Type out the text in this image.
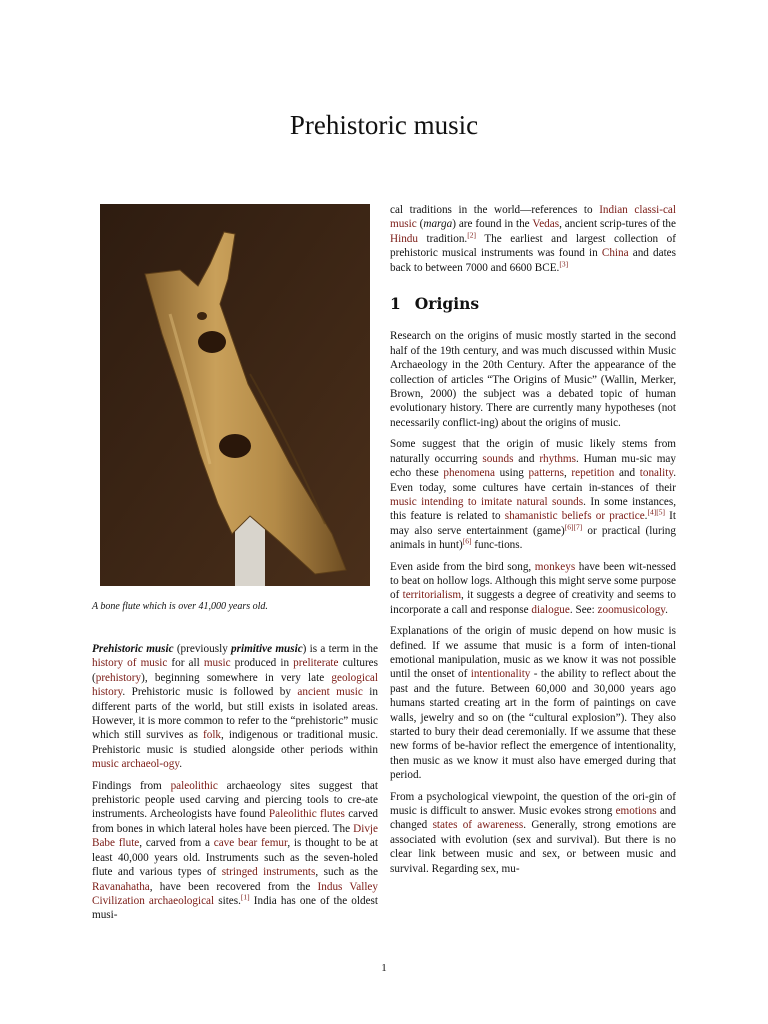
Prehistoric music
A bone flute which is over 41,000 years old.

Prehistoric music (previously primitive music) is a term in the history of music for all music produced in preliterate cultures (prehistory), beginning somewhere in very late geological history. Prehistoric music is followed by ancient music in different parts of the world, but still exists in isolated areas. However, it is more common to refer to the “prehistoric” music which still survives as folk, indigenous or traditional music. Prehistoric music is studied alongside other periods within music archaeol-ogy.

Findings from paleolithic archaeology sites suggest that prehistoric people used carving and piercing tools to cre-ate instruments. Archeologists have found Paleolithic flutes carved from bones in which lateral holes have been pierced. The Divje Babe flute, carved from a cave bear femur, is thought to be at least 40,000 years old. Instruments such as the seven-holed flute and various types of stringed instruments, such as the Ravanahatha, have been recovered from the Indus Valley Civilization archaeological sites.[1] India has one of the oldest musi-

cal traditions in the world—references to Indian classi-cal music (marga) are found in the Vedas, ancient scrip-tures of the Hindu tradition.[2] The earliest and largest collection of prehistoric musical instruments was found in China and dates back to between 7000 and 6600 BCE.[3]

1 Origins

Research on the origins of music mostly started in the second half of the 19th century, and was much discussed within Music Archaeology in the 20th Century. After the appearance of the collection of articles “The Origins of Music” (Wallin, Merker, Brown, 2000) the subject was a debated topic of human evolutionary history. There are currently many hypotheses (not necessarily conflict-ing) about the origins of music.

Some suggest that the origin of music likely stems from naturally occurring sounds and rhythms. Human mu-sic may echo these phenomena using patterns, repetition and tonality. Even today, some cultures have certain in-stances of their music intending to imitate natural sounds. In some instances, this feature is related to shamanistic beliefs or practice.[4][5] It may also serve entertainment (game)[6][7] or practical (luring animals in hunt)[6] func-tions.

Even aside from the bird song, monkeys have been wit-nessed to beat on hollow logs. Although this might serve some purpose of territorialism, it suggests a degree of creativity and seems to incorporate a call and response dialogue. See: zoomusicology.

Explanations of the origin of music depend on how music is defined. If we assume that music is a form of inten-tional emotional manipulation, music as we know it was not possible until the onset of intentionality - the ability to reflect about the past and the future. Between 60,000 and 30,000 years ago humans started creating art in the form of paintings on cave walls, jewelry and so on (the “cultural explosion”). They also started to bury their dead ceremonially. If we assume that these new forms of be-havior reflect the emergence of intentionality, then music as we know it must also have emerged during that period.

From a psychological viewpoint, the question of the ori-gin of music is difficult to answer. Music evokes strong emotions and changed states of awareness. Generally, strong emotions are associated with evolution (sex and survival). But there is no clear link between music and sex, or between music and survival. Regarding sex, mu-

1
